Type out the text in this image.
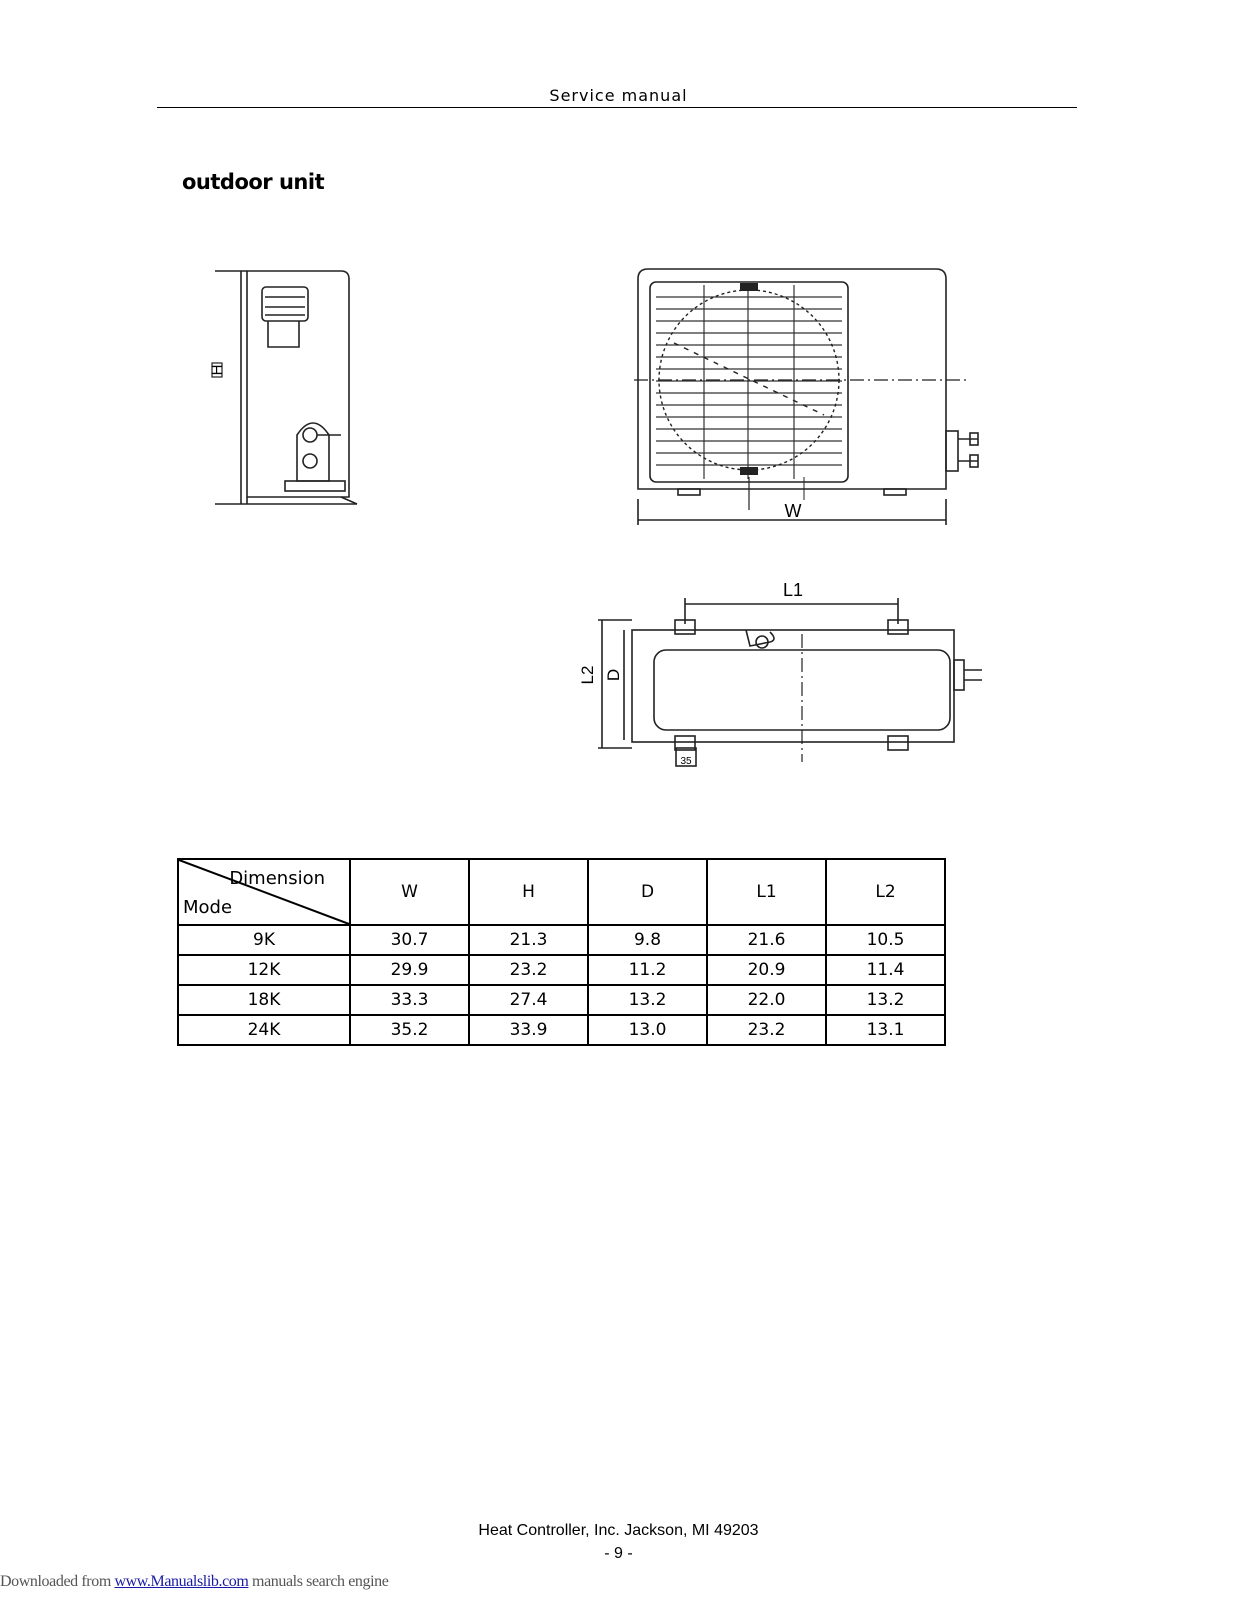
Service manual
outdoor unit
H
W
L1
L2 D
35
Dimension
Mode	W	H	D	L1	L2
9K	30.7	21.3	9.8	21.6	10.5
12K	29.9	23.2	11.2	20.9	11.4
18K	33.3	27.4	13.2	22.0	13.2
24K	35.2	33.9	13.0	23.2	13.1
Heat Controller, Inc. Jackson, MI 49203
- 9 -
Downloaded from www.Manualslib.com manuals search engine
